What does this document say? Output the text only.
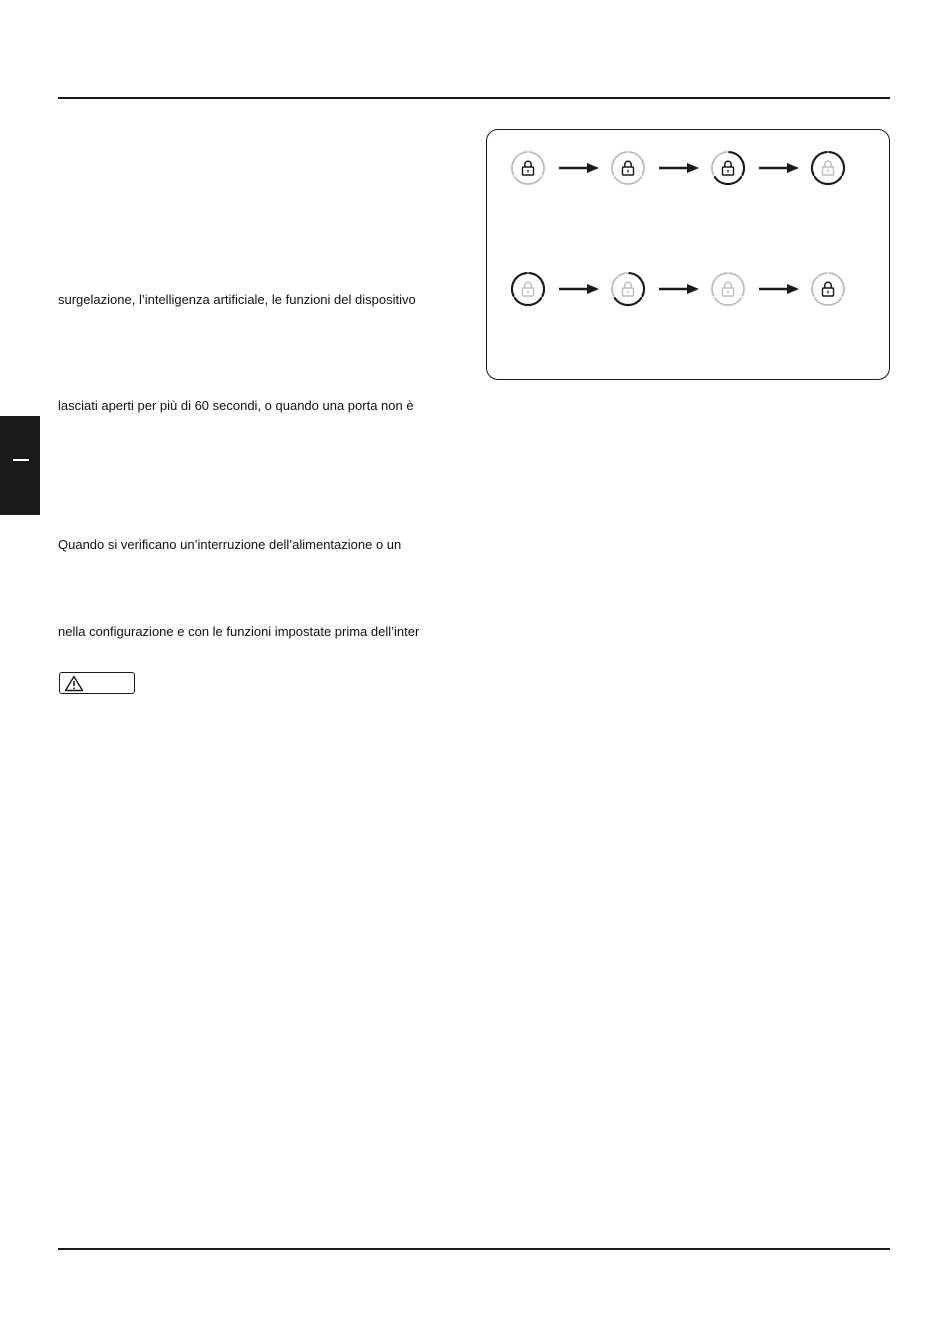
surgelazione, l’intelligenza artificiale, le funzioni del dispositivo
lasciati aperti per più di 60 secondi, o quando una porta non è
Quando si verificano un’interruzione dell’alimentazione o un
nella configurazione e con le funzioni impostate prima dell’inter
